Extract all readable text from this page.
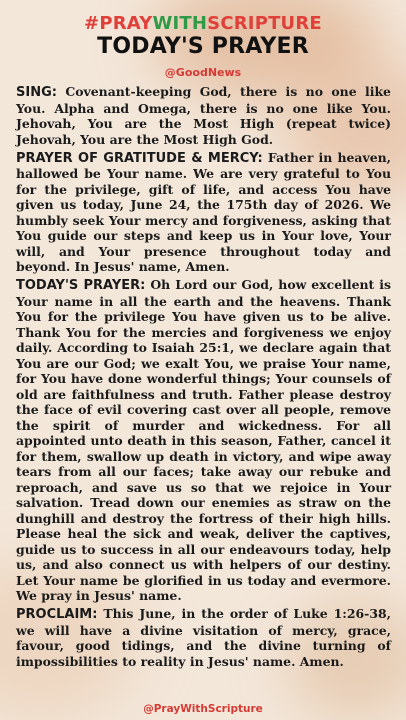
#PRAYWITHSCRIPTURE
TODAY'S PRAYER
@GoodNews

SING: Covenant-keeping God, there is no one like You. Alpha and Omega, there is no one like You. Jehovah, You are the Most High (repeat twice) Jehovah, You are the Most High God.

PRAYER OF GRATITUDE & MERCY: Father in heaven, hallowed be Your name. We are very grateful to You for the privilege, gift of life, and access You have given us today, June 24, the 175th day of 2026. We humbly seek Your mercy and forgiveness, asking that You guide our steps and keep us in Your love, Your will, and Your presence throughout today and beyond. In Jesus' name, Amen.

TODAY'S PRAYER: Oh Lord our God, how excellent is Your name in all the earth and the heavens. Thank You for the privilege You have given us to be alive. Thank You for the mercies and forgiveness we enjoy daily. According to Isaiah 25:1, we declare again that You are our God; we exalt You, we praise Your name, for You have done wonderful things; Your counsels of old are faithfulness and truth. Father please destroy the face of evil covering cast over all people, remove the spirit of murder and wickedness. For all appointed unto death in this season, Father, cancel it for them, swallow up death in victory, and wipe away tears from all our faces; take away our rebuke and reproach, and save us so that we rejoice in Your salvation. Tread down our enemies as straw on the dunghill and destroy the fortress of their high hills. Please heal the sick and weak, deliver the captives, guide us to success in all our endeavours today, help us, and also connect us with helpers of our destiny. Let Your name be glorified in us today and evermore. We pray in Jesus' name.

PROCLAIM: This June, in the order of Luke 1:26-38, we will have a divine visitation of mercy, grace, favour, good tidings, and the divine turning of impossibilities to reality in Jesus' name. Amen.

@PrayWithScripture
